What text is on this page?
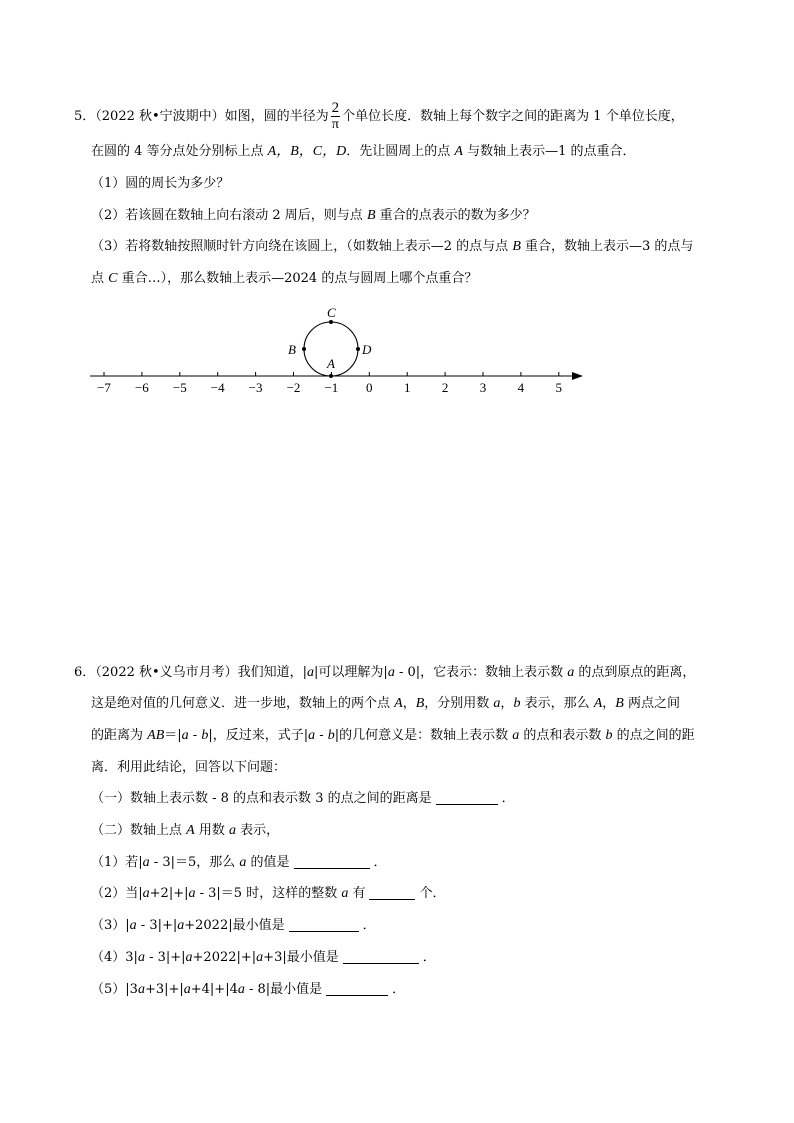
5．（2022 秋•宁波期中）如图，圆的半径为 $\frac{2}{\pi}$ 个单位长度．数轴上每个数字之间的距离为 1 个单位长度，
在圆的 4 等分点处分别标上点 A，B，C，D．先让圆周上的点 A 与数轴上表示—1 的点重合．
（1）圆的周长为多少？
（2）若该圆在数轴上向右滚动 2 周后，则与点 B 重合的点表示的数为多少？
（3）若将数轴按照顺时针方向绕在该圆上，（如数轴上表示—2 的点与点 B 重合，数轴上表示—3 的点与
点 C 重合…），那么数轴上表示—2024 的点与圆周上哪个点重合？
−7 −6 −5 −4 −3 −2 −1 0 1 2 3 4 5
A
B
C
D
6．（2022 秋•义乌市月考）我们知道，|a|可以理解为|a - 0|，它表示：数轴上表示数 a 的点到原点的距离，
这是绝对值的几何意义．进一步地，数轴上的两个点 A，B，分别用数 a，b 表示，那么 A，B 两点之间
的距离为 AB＝|a - b|，反过来，式子|a - b|的几何意义是：数轴上表示数 a 的点和表示数 b 的点之间的距
离．利用此结论，回答以下问题：
（一）数轴上表示数 - 8 的点和表示数 3 的点之间的距离是	．
（二）数轴上点 A 用数 a 表示，
（1）若|a - 3|＝5，那么 a 的值是	．
（2）当|a+2|+|a - 3|＝5 时，这样的整数 a 有	个．
（3）|a - 3|+|a+2022|最小值是	．
（4）3|a - 3|+|a+2022|+|a+3|最小值是	．
（5）|3a+3|+|a+4|+|4a - 8|最小值是	．
